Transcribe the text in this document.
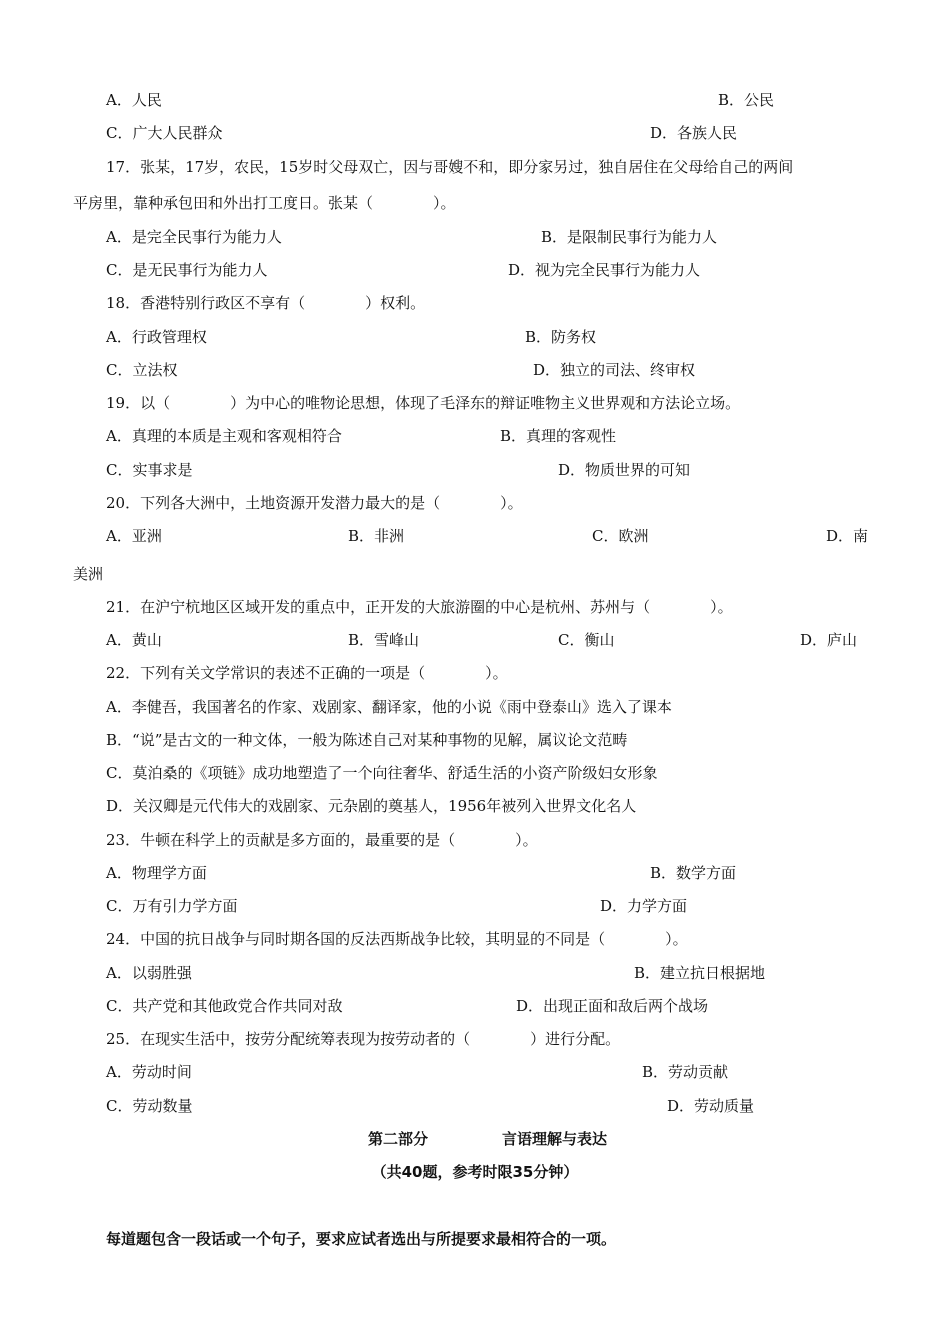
A．人民	B．公民
C．广大人民群众	D．各族人民
17．张某，17岁，农民，15岁时父母双亡，因与哥嫂不和，即分家另过，独自居住在父母给自己的两间
平房里，靠种承包田和外出打工度日。张某（　　　　）。
A．是完全民事行为能力人	B．是限制民事行为能力人
C．是无民事行为能力人	D．视为完全民事行为能力人
18．香港特别行政区不享有（　　　　）权利。
A．行政管理权	B．防务权
C．立法权	D．独立的司法、终审权
19．以（　　　　）为中心的唯物论思想，体现了毛泽东的辩证唯物主义世界观和方法论立场。
A．真理的本质是主观和客观相符合	B．真理的客观性
C．实事求是	D．物质世界的可知
20．下列各大洲中，土地资源开发潜力最大的是（　　　　）。
A．亚洲	B．非洲	C．欧洲	D．南
美洲
21．在沪宁杭地区区域开发的重点中，正开发的大旅游圈的中心是杭州、苏州与（　　　　）。
A．黄山	B．雪峰山	C．衡山	D．庐山
22．下列有关文学常识的表述不正确的一项是（　　　　）。
A．李健吾，我国著名的作家、戏剧家、翻译家，他的小说《雨中登泰山》选入了课本
B．“说”是古文的一种文体，一般为陈述自己对某种事物的见解，属议论文范畴
C．莫泊桑的《项链》成功地塑造了一个向往奢华、舒适生活的小资产阶级妇女形象
D．关汉卿是元代伟大的戏剧家、元杂剧的奠基人，1956年被列入世界文化名人
23．牛顿在科学上的贡献是多方面的，最重要的是（　　　　）。
A．物理学方面	B．数学方面
C．万有引力学方面	D．力学方面
24．中国的抗日战争与同时期各国的反法西斯战争比较，其明显的不同是（　　　　）。
A．以弱胜强	B．建立抗日根据地
C．共产党和其他政党合作共同对敌	D．出现正面和敌后两个战场
25．在现实生活中，按劳分配统筹表现为按劳动者的（　　　　）进行分配。
A．劳动时间	B．劳动贡献
C．劳动数量	D．劳动质量
第二部分	言语理解与表达
（共40题，参考时限35分钟）
每道题包含一段话或一个句子，要求应试者选出与所提要求最相符合的一项。
